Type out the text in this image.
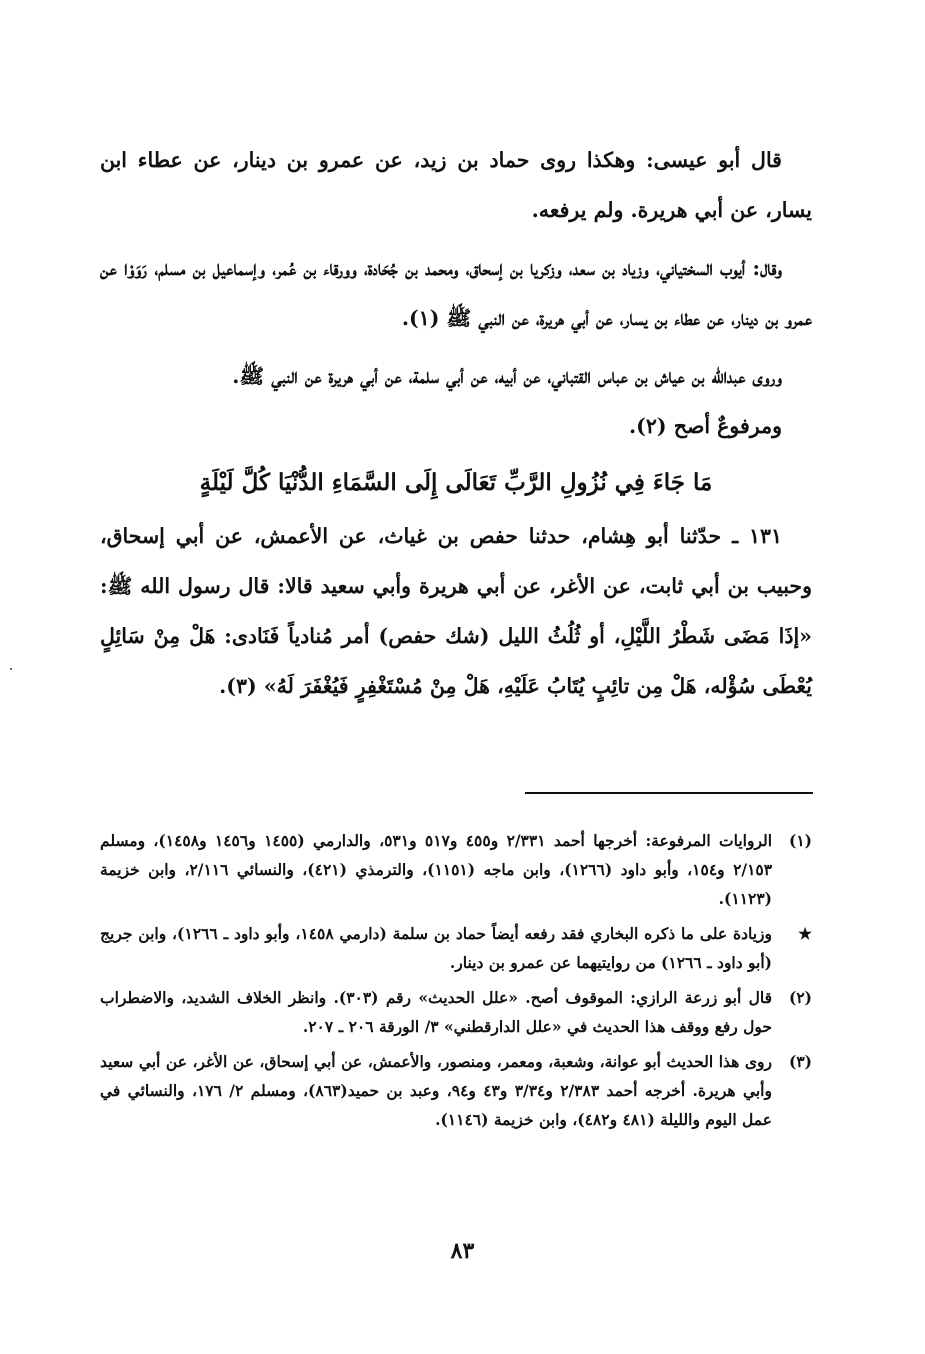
قال أبو عيسى: وهكذا روى حماد بن زيد، عن عمرو بن دينار، عن عطاء ابن يسار، عن أبي هريرة. ولم يرفعه.

وقال: أيوب السختياني، وزياد بن سعد، وزكريا بن إسحاق، ومحمد بن جُحَادة، وورقاء بن عُمر، وإسماعيل بن مسلم، رَوَوْا عن عمرو بن دينار، عن عطاء بن يسار، عن أبي هريرة، عن النبي ﷺ (١).

وروى عبدالله بن عياش بن عباس القتباني، عن أبيه، عن أبي سلمة، عن أبي هريرة عن النبي ﷺ.

ومرفوعٌ أصح (٢).

مَا جَاءَ فِي نُزُولِ الرَّبِّ تَعَالَى إِلَى السَّمَاءِ الدُّنْيَا كُلَّ لَيْلَةٍ

١٣١ ـ حدّثنا أبو هِشام، حدثنا حفص بن غياث، عن الأعمش، عن أبي إسحاق، وحبيب بن أبي ثابت، عن الأغر، عن أبي هريرة وأبي سعيد قالا: قال رسول الله ﷺ: «إذَا مَضَى شَطْرُ اللَّيْلِ، أو ثُلُثُ الليل (شك حفص) أمر مُنادياً فَنَادى: هَلْ مِنْ سَائِلٍ يُعْطَى سُؤْله، هَلْ مِن تائِبٍ يُتَابُ عَلَيْهِ، هَلْ مِنْ مُسْتَغْفِرٍ فَيُغْفَرَ لَهُ» (٣).

(١)
الروايات المرفوعة: أخرجها أحمد ٢/٣٣١ و٤٥٥ و٥١٧ و٥٣١، والدارمي (١٤٥٥ و١٤٥٦ و١٤٥٨)، ومسلم ٢/١٥٣ و١٥٤، وأبو داود (١٢٦٦)، وابن ماجه (١١٥١)، والترمذي (٤٢١)، والنسائي ٢/١١٦، وابن خزيمة (١١٢٣).
★
وزيادة على ما ذكره البخاري فقد رفعه أيضاً حماد بن سلمة (دارمي ١٤٥٨، وأبو داود ـ ١٢٦٦)، وابن جريج (أبو داود ـ ١٢٦٦) من روايتيهما عن عمرو بن دينار.
(٢)
قال أبو زرعة الرازي: الموقوف أصح. «علل الحديث» رقم (٣٠٣). وانظر الخلاف الشديد، والاضطراب حول رفع ووقف هذا الحديث في «علل الدارقطني» ٣/ الورقة ٢٠٦ ـ ٢٠٧.
(٣)
روى هذا الحديث أبو عوانة، وشعبة، ومعمر، ومنصور، والأعمش، عن أبي إسحاق، عن الأغر، عن أبي سعيد وأبي هريرة. أخرجه أحمد ٢/٣٨٣ و٣/٣٤ و٤٣ و٩٤، وعبد بن حميد(٨٦٣)، ومسلم ٢/ ١٧٦، والنسائي في عمل اليوم والليلة (٤٨١ و٤٨٢)، وابن خزيمة (١١٤٦).
٨٣
